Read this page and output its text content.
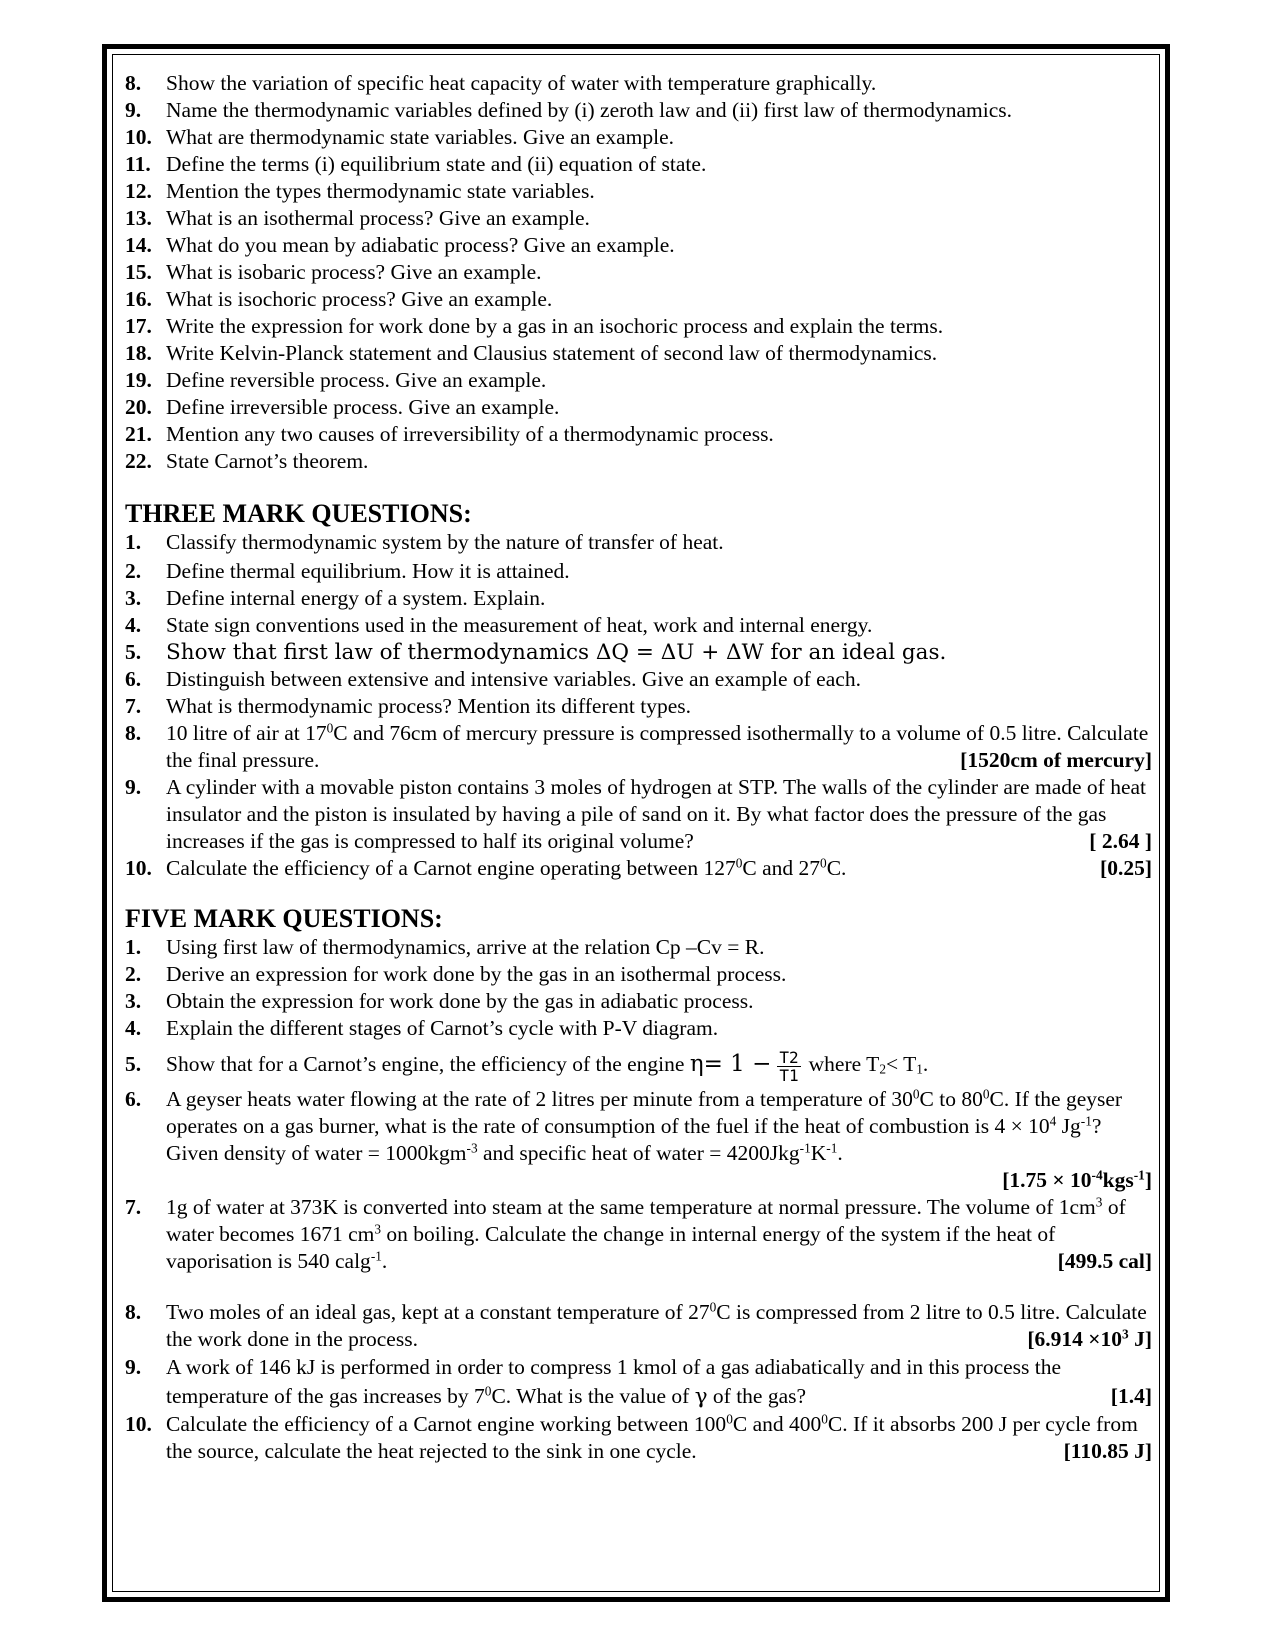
8. Show the variation of specific heat capacity of water with temperature graphically.
9. Name the thermodynamic variables defined by (i) zeroth law and (ii) first law of thermodynamics.
10. What are thermodynamic state variables. Give an example.
11. Define the terms (i) equilibrium state and (ii) equation of state.
12. Mention the types thermodynamic state variables.
13. What is an isothermal process? Give an example.
14. What do you mean by adiabatic process? Give an example.
15. What is isobaric process? Give an example.
16. What is isochoric process? Give an example.
17. Write the expression for work done by a gas in an isochoric process and explain the terms.
18. Write Kelvin-Planck statement and Clausius statement of second law of thermodynamics.
19. Define reversible process. Give an example.
20. Define irreversible process. Give an example.
21. Mention any two causes of irreversibility of a thermodynamic process.
22. State Carnot’s theorem.
THREE MARK QUESTIONS:
1. Classify thermodynamic system by the nature of transfer of heat.
2. Define thermal equilibrium. How it is attained.
3. Define internal energy of a system. Explain.
4. State sign conventions used in the measurement of heat, work and internal energy.
5. Show that first law of thermodynamics ΔQ = ΔU + ΔW for an ideal gas.
6. Distinguish between extensive and intensive variables. Give an example of each.
7. What is thermodynamic process? Mention its different types.
8. 10 litre of air at $17^0C$ and 76cm of mercury pressure is compressed isothermally to a volume of 0.5 litre. Calculate the final pressure.	[1520cm of mercury]
9. A cylinder with a movable piston contains 3 moles of hydrogen at STP. The walls of the cylinder are made of heat insulator and the piston is insulated by having a pile of sand on it. By what factor does the pressure of the gas increases if the gas is compressed to half its original volume?	[ 2.64 ]
10. Calculate the efficiency of a Carnot engine operating between $127^0C$ and $27^0C$.	[0.25]
FIVE MARK QUESTIONS:
1. Using first law of thermodynamics, arrive at the relation Cp –Cv = R.
2. Derive an expression for work done by the gas in an isothermal process.
3. Obtain the expression for work done by the gas in adiabatic process.
4. Explain the different stages of Carnot’s cycle with P-V diagram.
5. Show that for a Carnot’s engine, the efficiency of the engine $\eta= 1 - \frac{T2}{T1}$ where $T_2< T_1$.
6. A geyser heats water flowing at the rate of 2 litres per minute from a temperature of $30^0C$ to $80^0C$. If the geyser operates on a gas burner, what is the rate of consumption of the fuel if the heat of combustion is $4 \times 10^4$ $Jg^{-1}$? Given density of water = 1000kgm$^{-3}$ and specific heat of water = $4200Jkg^{-1}K^{-1}$.
$[1.75 \times 10^{-4}kgs^{-1}]$
7. 1g of water at 373K is converted into steam at the same temperature at normal pressure. The volume of $1cm^3$ of water becomes 1671 $cm^3$ on boiling. Calculate the change in internal energy of the system if the heat of vaporisation is 540 calg$^{-1}$.	[499.5 cal]
8. Two moles of an ideal gas, kept at a constant temperature of $27^0C$ is compressed from 2 litre to 0.5 litre. Calculate the work done in the process.	[$6.914 \times 10^3$ J]
9. A work of 146 kJ is performed in order to compress 1 kmol of a gas adiabatically and in this process the temperature of the gas increases by $7^0C$. What is the value of γ of the gas?	[1.4]
10. Calculate the efficiency of a Carnot engine working between $100^0C$ and $400^0C$. If it absorbs 200 J per cycle from the source, calculate the heat rejected to the sink in one cycle.	[110.85 J]
